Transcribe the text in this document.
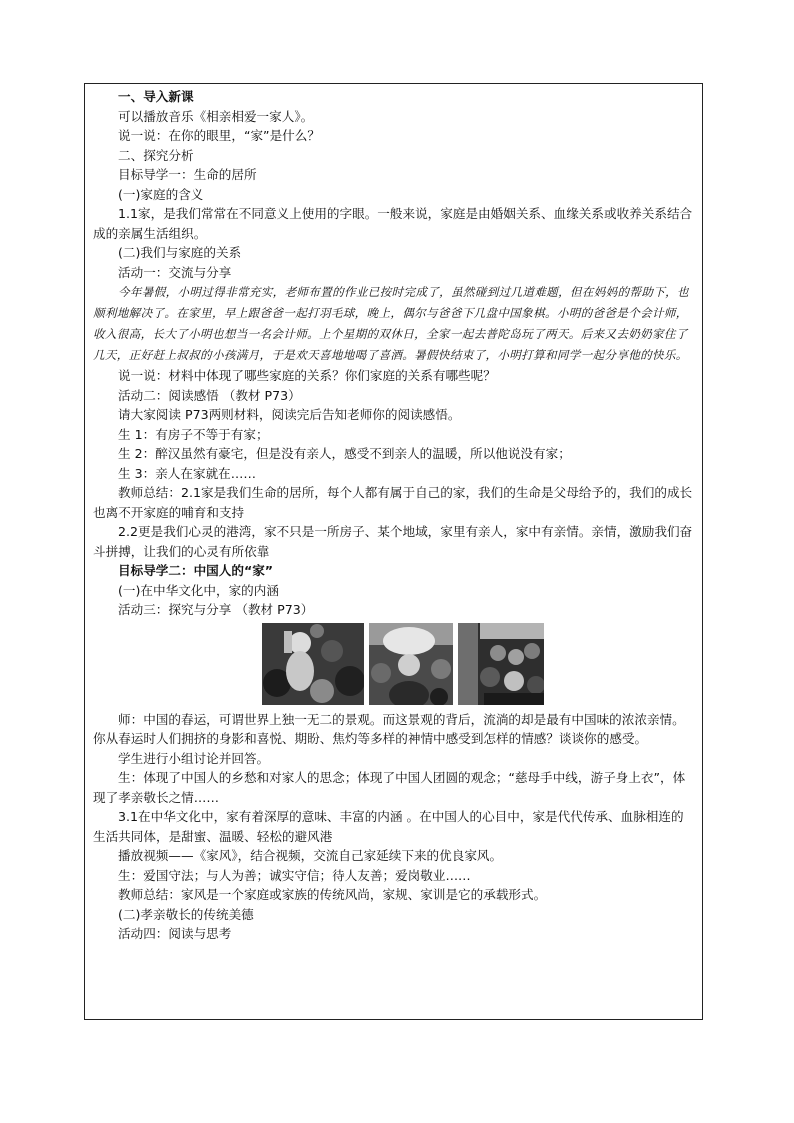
一、导入新课

可以播放音乐《相亲相爱一家人》。

说一说：在你的眼里，“家”是什么？

二、探究分析

目标导学一：生命的居所

(一)家庭的含义

1.1家，是我们常常在不同意义上使用的字眼。一般来说，家庭是由婚姻关系、血缘关系或收养关系结合成的亲属生活组织。

(二)我们与家庭的关系

活动一：交流与分享

今年暑假，小明过得非常充实，老师布置的作业已按时完成了，虽然碰到过几道难题，但在妈妈的帮助下，也顺利地解决了。在家里，早上跟爸爸一起打羽毛球，晚上，偶尔与爸爸下几盘中国象棋。小明的爸爸是个会计师，收入很高，长大了小明也想当一名会计师。上个星期的双休日，全家一起去普陀岛玩了两天。后来又去奶奶家住了几天，正好赶上叔叔的小孩满月，于是欢天喜地地喝了喜酒。暑假快结束了，小明打算和同学一起分享他的快乐。

说一说：材料中体现了哪些家庭的关系？你们家庭的关系有哪些呢？

活动二：阅读感悟 （教材 P73）

请大家阅读 P73两则材料，阅读完后告知老师你的阅读感悟。

生 1：有房子不等于有家；

生 2：醉汉虽然有豪宅，但是没有亲人，感受不到亲人的温暖，所以他说没有家；

生 3：亲人在家就在……

教师总结：2.1家是我们生命的居所，每个人都有属于自己的家，我们的生命是父母给予的，我们的成长也离不开家庭的哺育和支持

2.2更是我们心灵的港湾，家不只是一所房子、某个地域，家里有亲人，家中有亲情。亲情，激励我们奋斗拼搏，让我们的心灵有所依靠

目标导学二：中国人的“家”

(一)在中华文化中，家的内涵

活动三：探究与分享 （教材 P73）

师：中国的春运，可谓世界上独一无二的景观。而这景观的背后，流淌的却是最有中国味的浓浓亲情。你从春运时人们拥挤的身影和喜悦、期盼、焦灼等多样的神情中感受到怎样的情感？谈谈你的感受。

学生进行小组讨论并回答。

生：体现了中国人的乡愁和对家人的思念；体现了中国人团圆的观念；“慈母手中线，游子身上衣”，体现了孝亲敬长之情……

3.1在中华文化中，家有着深厚的意味、丰富的内涵 。在中国人的心目中，家是代代传承、血脉相连的生活共同体，是甜蜜、温暖、轻松的避风港

播放视频——《家风》，结合视频，交流自己家延续下来的优良家风。

生：爱国守法；与人为善；诚实守信；待人友善；爱岗敬业……

教师总结：家风是一个家庭或家族的传统风尚，家规、家训是它的承载形式。

(二)孝亲敬长的传统美德

活动四：阅读与思考
